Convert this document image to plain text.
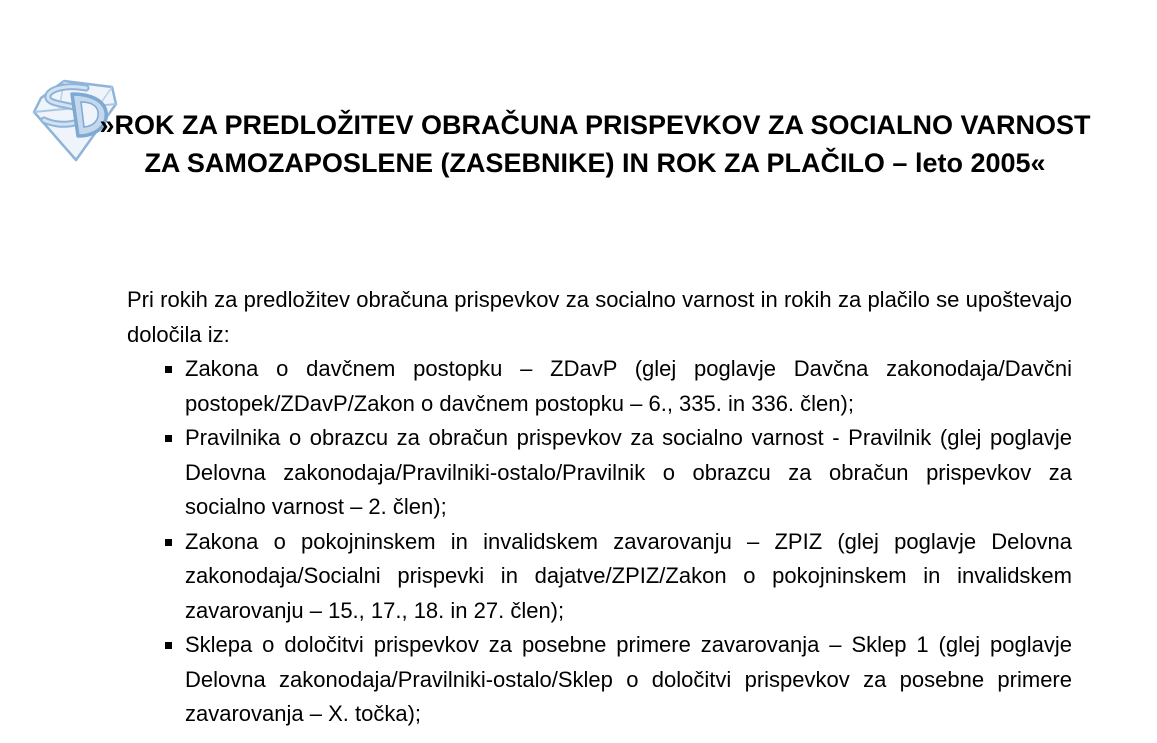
»ROK ZA PREDLOŽITEV OBRAČUNA PRISPEVKOV ZA SOCIALNO VARNOST ZA SAMOZAPOSLENE (ZASEBNIKE) IN ROK ZA PLAČILO – leto 2005«

Pri rokih za predložitev obračuna prispevkov za socialno varnost in rokih za plačilo se upoštevajo določila iz:

Zakona o davčnem postopku – ZDavP (glej poglavje Davčna zakonodaja/Davčni postopek/ZDavP/Zakon o davčnem postopku – 6., 335. in 336. člen);
Pravilnika o obrazcu za obračun prispevkov za socialno varnost - Pravilnik (glej poglavje Delovna zakonodaja/Pravilniki-ostalo/Pravilnik o obrazcu za obračun prispevkov za socialno varnost – 2. člen);
Zakona o pokojninskem in invalidskem zavarovanju – ZPIZ (glej poglavje Delovna zakonodaja/Socialni prispevki in dajatve/ZPIZ/Zakon o pokojninskem in invalidskem zavarovanju – 15., 17., 18. in 27. člen);
Sklepa o določitvi prispevkov za posebne primere zavarovanja – Sklep 1 (glej poglavje Delovna zakonodaja/Pravilniki-ostalo/Sklep o določitvi prispevkov za posebne primere zavarovanja – X. točka);
